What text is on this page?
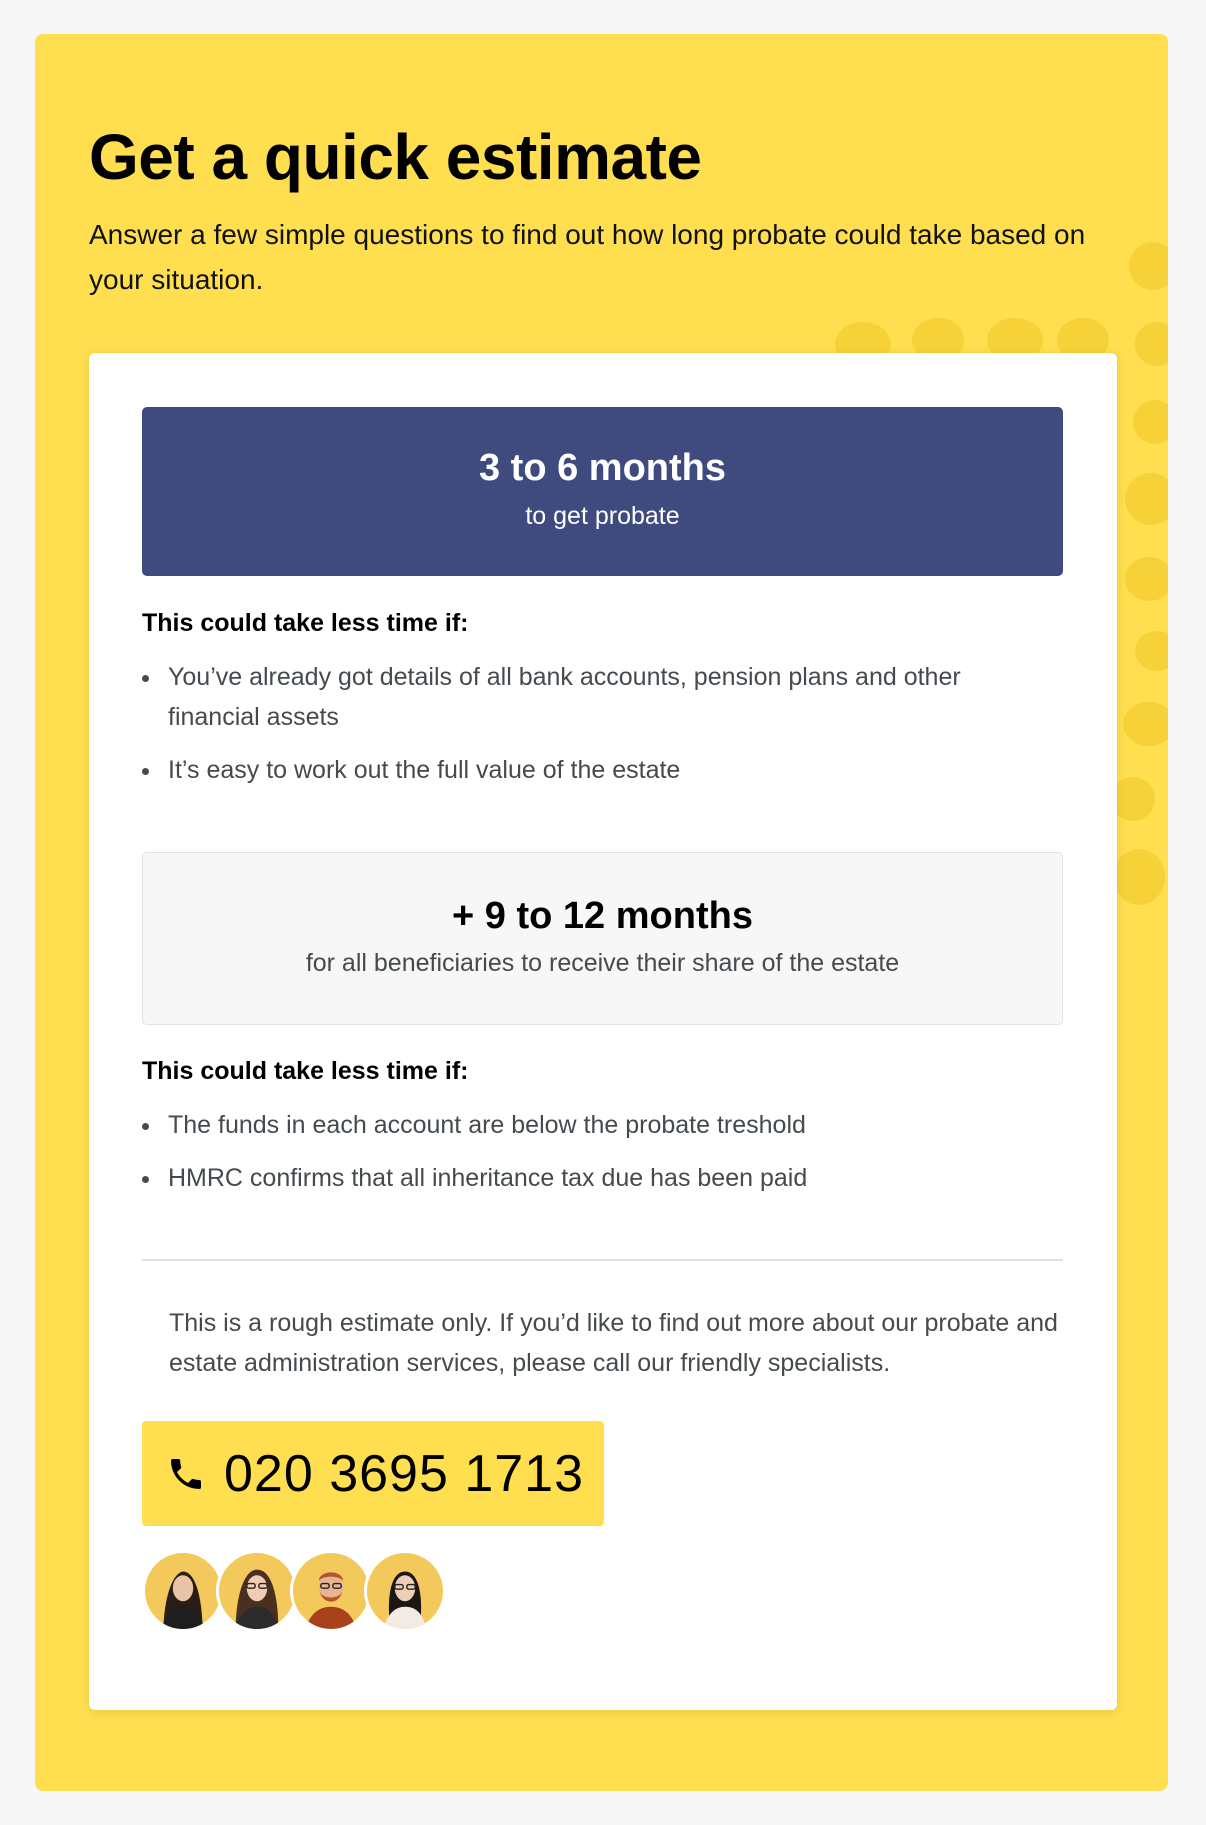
Get a quick estimate

Answer a few simple questions to find out how long probate could take based on your situation.

3 to 6 months
to get probate
This could take less time if:
You’ve already got details of all bank accounts, pension plans and other financial assets
It’s easy to work out the full value of the estate
+ 9 to 12 months
for all beneficiaries to receive their share of the estate
This could take less time if:
The funds in each account are below the probate treshold
HMRC confirms that all inheritance tax due has been paid

This is a rough estimate only. If you’d like to find out more about our probate and estate administration services, please call our friendly specialists.

020 3695 1713
